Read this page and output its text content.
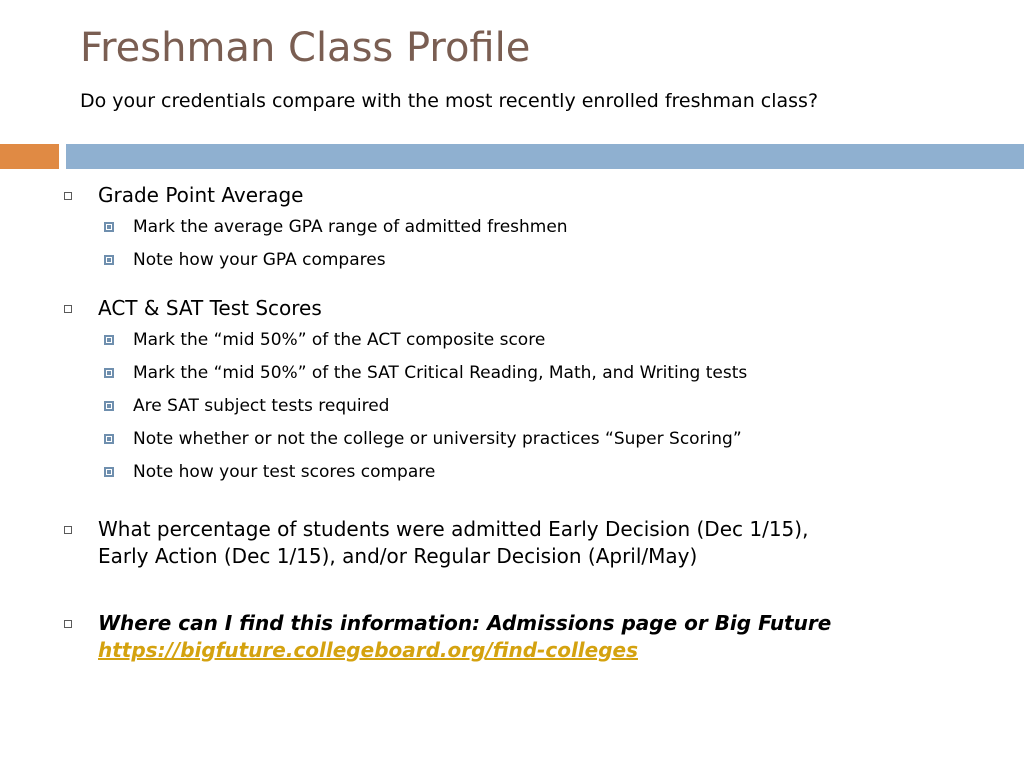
Freshman Class Profile

Do your credentials compare with the most recently enrolled freshman class?

Grade Point Average
Mark the average GPA range of admitted freshmen
Note how your GPA compares
ACT & SAT Test Scores
Mark the “mid 50%” of the ACT composite score
Mark the “mid 50%” of the SAT Critical Reading, Math, and Writing tests
Are SAT subject tests required
Note whether or not the college or university practices “Super Scoring”
Note how your test scores compare
What percentage of students were admitted Early Decision (Dec 1/15),
Early Action (Dec 1/15), and/or Regular Decision (April/May)
Where can I find this information: Admissions page or Big Future
https://bigfuture.collegeboard.org/find-colleges
